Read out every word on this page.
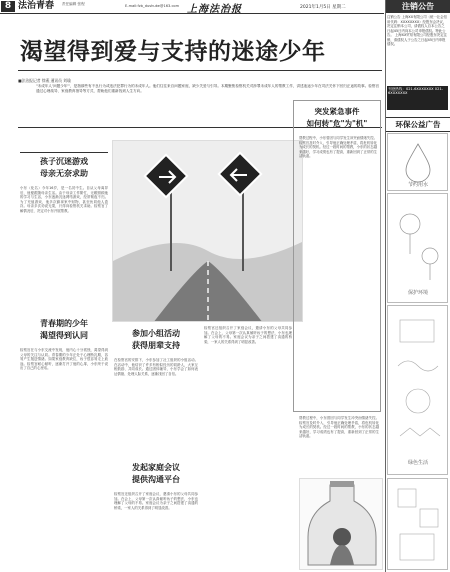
8 法治青春 责任编辑 张程	E-mail:fzb_dushuke@163.com 上海法治报	2021年1月5日 星期二	注销公告
注销公告 上海XX有限公司（统一社会信用代码：XXXXXXXX）经股东会决议，决定注销本公司，请债权人自本公告之日起45日内向本公司申报债权。特此公告。 上海XX贸易有限公司经股东决定注销，请债权人于公告之日起45日内申报债权。
刊登热线：021-6XXXXXXX 021-6XXXXXXX
环保公益广告
节约用水
保护环境
绿色生活
渴望得到爱与支持的迷途少年
■法治报记者 徐燕 通讯员 刘瑜
"未成年人'问题少年'"，是指那些有不良行为或违法犯罪行为的未成年人。他们往往来自问题家庭，缺少关爱与引导。本期聚焦检察机关对涉罪未成年人的帮教工作，讲述迷途少年在司法关怀下回归正途的故事。检察官通过心理疏导、家庭教育指导等方式，帮助他们重新找到人生方向。
孩子沉迷游戏
母亲无奈求助
小东（化名）今年16岁，是一名初中生。自从父母离异后，他便跟随母亲生活。由于母亲工作繁忙，无暇照顾他的学习与生活，小东逐渐沉迷网络游戏，经常彻夜不归。为了充值游戏，他多次偷拿家中财物，甚至伙同他人盗窃。母亲多次劝说无果，只得向检察机关求助。检察官了解情况后，决定对小东开展帮教。
青春期的少年
渴望得到认同
检察官在与小东交流中发现，他内心十分孤独，渴望得到父母的关注与认同。青春期的少年正处于心理断乳期，容易产生叛逆情绪。如果家庭教育缺位，孩子很容易走上歧途。检察官耐心倾听，逐渐打开了他的心扉，小东终于说出了自己的心里话。
参加小组活动
获得朋辈支持
在检察官的安排下，小东参加了社工组织的小组活动。在活动中，他结识了许多有相似经历的同龄人，大家互相鼓励、共同成长。通过团体辅导，小东学会了如何表达情绪、处理人际关系，逐渐找回了自信。
发起家庭会议
提供沟通平台
检察官还组织召开了家庭会议，邀请小东的父母共同参加。在会上，父母第一次认真倾听孩子的想法，小东也理解了父母的不易。家庭会议为亲子之间搭建了沟通的桥梁，一家人的关系得到了明显改善。
检察官还组织召开了家庭会议，邀请小东的父母共同参加。在会上，父母第一次认真倾听孩子的想法，小东也理解了父母的不易。家庭会议为亲子之间搭建了沟通的桥梁，一家人的关系得到了明显改善。
突发紧急事件
如何转"危"为"机"
帮教过程中，小东曾因与同学发生冲突而情绪失控。检察官及时介入，引导他正确处理矛盾，将危机转化为成长的契机。经过一段时间的帮教，小东的状态越来越好，学习成绩也有了提高，重新回到了正常的生活轨道。
帮教过程中，小东曾因与同学发生冲突而情绪失控。检察官及时介入，引导他正确处理矛盾，将危机转化为成长的契机。经过一段时间的帮教，小东的状态越来越好，学习成绩也有了提高，重新回到了正常的生活轨道。
